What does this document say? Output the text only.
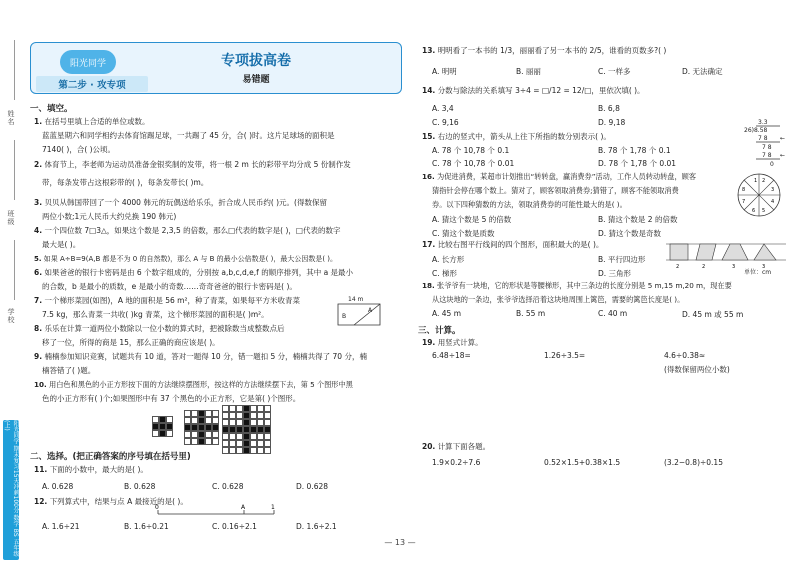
姓名
班级
学校
阳光同学 期末复习15天冲刺100分 数学 BS 五年级(上)
阳光同学
第二步 · 攻专项
专项拔高卷
易错题
一、填空。
1. 在括号里填上合适的单位或数。
蓝蓝星期六和同学相约去体育馆踢足球，一共踢了 45 分，合( )时。这片足球场的面积是
7140( )，合( )公顷。
2. 体育节上，李老师为运动员准备金银奖制的发带，将一根 2 m 长的彩带平均分成 5 份制作发
带，每条发带占这根彩带的( )，每条发带长( )m。
3. 贝贝从韩国带回了一个 4000 韩元的玩偶送给乐乐，折合成人民币约( )元。(得数保留
两位小数;1元人民币大约兑换 190 韩元)
4. 一个四位数 7□3△，如果这个数是 2,3,5 的倍数，那么□代表的数字是( )，□代表的数字
最大是( )。
5. 如果 A÷B=9(A,B 都是不为 0 的自然数)，那么 A 与 B 的最小公倍数是( )，最大公因数是( )。
6. 如果爸爸的银行卡密码是由 6 个数字组成的，分别按 a,b,c,d,e,f 的顺序排列，其中 a 是最小
的合数，b 是最小的质数，e 是最小的奇数……奇奇爸爸的银行卡密码是( )。
7. 一个梯形菜园(如图)，A 地的面积是 56 m²，种了青菜，如果每平方米收青菜
7.5 kg，那么青菜一共收( )kg 青菜，这个梯形菜园的面积是( )m²。
14 m
B
A
8. 乐乐在计算一道两位小数除以一位小数的算式时，把被除数当成整数点后
移了一位，所得的商是 15，那么正确的商应该是( )。
9. 楠楠参加知识竞赛，试题共有 10 道，答对一题得 10 分，错一题扣 5 分，楠楠共得了 70 分，楠
楠答错了( )题。
10. 用白色和黑色的小正方形按下面的方法继续摆图形，按这样的方法继续摆下去，第 5 个图形中黑
色的小正方形有( )个;如果图形中有 37 个黑色的小正方形，它是第( )个图形。
二、选择。(把正确答案的序号填在括号里)
11. 下面的小数中，最大的是( )。
A. 0.628	B. 0.628	C. 0.628	D. 0.628
12. 下列算式中，结果与点 A 最接近的是( )。
0	A	1
A. 1.6÷21	B. 1.6÷0.21	C. 0.16÷2.1	D. 1.6÷2.1
13. 明明看了一本书的 1/3，丽丽看了另一本书的 2/5，谁看的页数多?( )
A. 明明	B. 丽丽	C. 一样多	D. 无法确定
14. 分数与除法的关系填写 3÷4 = □/12 = 12/□，里依次填( )。
A. 3,4	B. 6,8
C. 9,16	D. 9,18
15. 右边的竖式中，箭头从上往下所指的数分别表示( )。
A. 78 个 10,78 个 0.1	B. 78 个 1,78 个 0.1
C. 78 个 10,78 个 0.01	D. 78 个 1,78 个 0.01
3.3
26)8.58
7 8
7 8
7 8
0
←
←
16. 为促进消费，某超市计划推出“转转盘，赢消费券”活动，工作人员转动转盘，顾客
猜指针会停在哪个数上。猜对了，顾客领取消费券;猜错了，顾客不能领取消费
券。以下四种猜数的方法，领取消费券的可能性最大的是( )。
A. 猜这个数是 5 的倍数	B. 猜这个数是 2 的倍数
C. 猜这个数是质数	D. 猜这个数是奇数
1 2
3
4
5
6
7
8
17. 比较右图平行线间的四个图形，面积最大的是( )。
A. 长方形	B. 平行四边形
C. 梯形	D. 三角形
2	2	3	3
单位：cm
18. 张爷爷有一块地，它的形状是等腰梯形，其中三条边的长度分别是 5 m,15 m,20 m，现在要
从这块地的一条边，张爷爷选择沿着这块地周围上篱笆，需要的篱笆长度是( )。
A. 45 m	B. 55 m	C. 40 m	D. 45 m 或 55 m
三、计算。
19. 用竖式计算。
6.48÷18=	1.26÷3.5=	4.6÷0.38≈
(得数保留两位小数)
20. 计算下面各题。
1.9×0.2÷7.6	0.52×1.5+0.38×1.5	(3.2−0.8)÷0.15
— 13 —
